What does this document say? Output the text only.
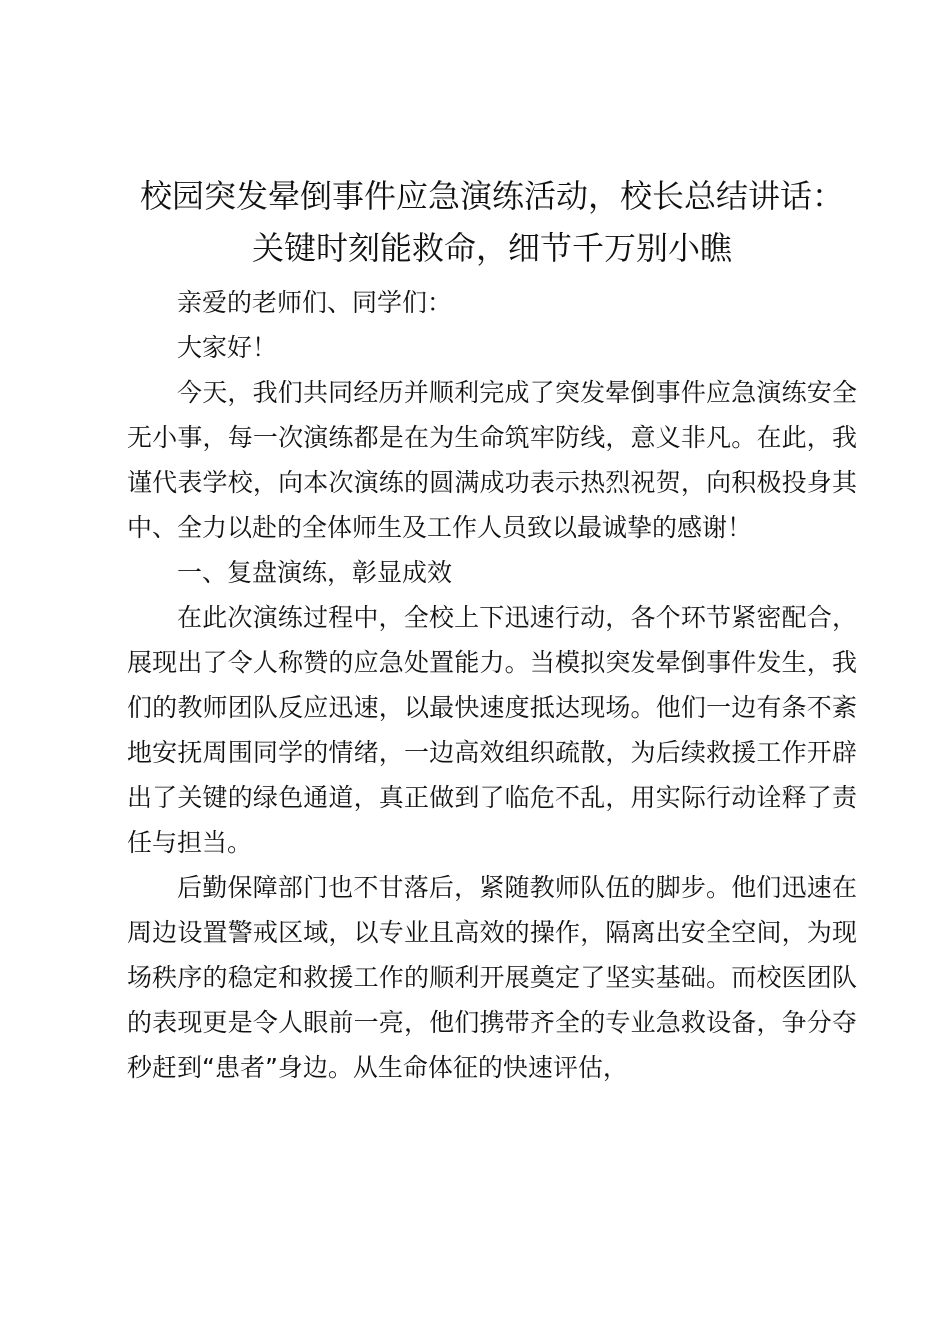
校园突发晕倒事件应急演练活动，校长总结讲话：关键时刻能救命，细节千万别小瞧

亲爱的老师们、同学们：

大家好！

今天，我们共同经历并顺利完成了突发晕倒事件应急演练安全无小事，每一次演练都是在为生命筑牢防线，意义非凡。在此，我谨代表学校，向本次演练的圆满成功表示热烈祝贺，向积极投身其中、全力以赴的全体师生及工作人员致以最诚挚的感谢！

一、复盘演练，彰显成效

在此次演练过程中，全校上下迅速行动，各个环节紧密配合，展现出了令人称赞的应急处置能力。当模拟突发晕倒事件发生，我们的教师团队反应迅速，以最快速度抵达现场。他们一边有条不紊地安抚周围同学的情绪，一边高效组织疏散，为后续救援工作开辟出了关键的绿色通道，真正做到了临危不乱，用实际行动诠释了责任与担当。

后勤保障部门也不甘落后，紧随教师队伍的脚步。他们迅速在周边设置警戒区域，以专业且高效的操作，隔离出安全空间，为现场秩序的稳定和救援工作的顺利开展奠定了坚实基础。而校医团队的表现更是令人眼前一亮，他们携带齐全的专业急救设备，争分夺秒赶到“患者”身边。从生命体征的快速评估，
